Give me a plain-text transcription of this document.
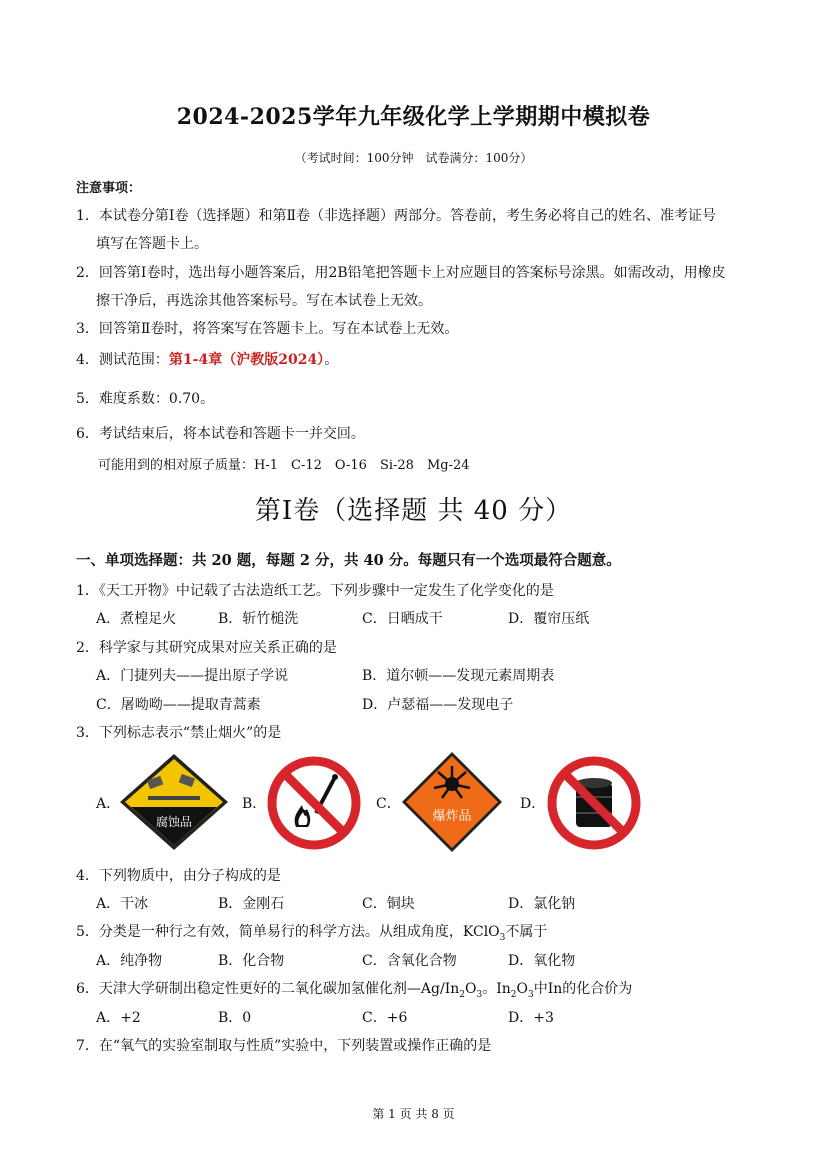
2024-2025学年九年级化学上学期期中模拟卷
（考试时间：100分钟　试卷满分：100分）
注意事项：
1．本试卷分第Ⅰ卷（选择题）和第Ⅱ卷（非选择题）两部分。答卷前，考生务必将自己的姓名、准考证号
填写在答题卡上。
2．回答第Ⅰ卷时，选出每小题答案后，用2B铅笔把答题卡上对应题目的答案标号涂黑。如需改动，用橡皮
擦干净后，再选涂其他答案标号。写在本试卷上无效。
3．回答第Ⅱ卷时，将答案写在答题卡上。写在本试卷上无效。
4．测试范围：第1-4章（沪教版2024）。
5．难度系数：0.70。
6．考试结束后，将本试卷和答题卡一并交回。
可能用到的相对原子质量：H-1　C-12　O-16　Si-28　Mg-24
第Ⅰ卷（选择题 共 40 分）
一、单项选择题：共 20 题，每题 2 分，共 40 分。每题只有一个选项最符合题意。
1．《天工开物》中记载了古法造纸工艺。下列步骤中一定发生了化学变化的是
A．煮楻足火	B．斩竹槌洗	C．日晒成干	D．覆帘压纸
2．科学家与其研究成果对应关系正确的是
A．门捷列夫——提出原子学说	B．道尔顿——发现元素周期表
C．屠呦呦——提取青蒿素	D．卢瑟福——发现电子
3．下列标志表示“禁止烟火”的是
A．
腐蚀品
B．	C．
爆炸品
D．
4．下列物质中，由分子构成的是
A．干冰	B．金刚石	C．铜块	D．氯化钠
5．分类是一种行之有效，简单易行的科学方法。从组成角度，KClO$_3$不属于
A．纯净物	B．化合物	C．含氧化合物	D．氧化物
6．天津大学研制出稳定性更好的二氧化碳加氢催化剂$—Ag/In_2O_3$。$In_2O_3$中In的化合价为
A．+2	B．0	C．+6	D．+3
7．在“氧气的实验室制取与性质”实验中，下列装置或操作正确的是
第 1 页 共 8 页
